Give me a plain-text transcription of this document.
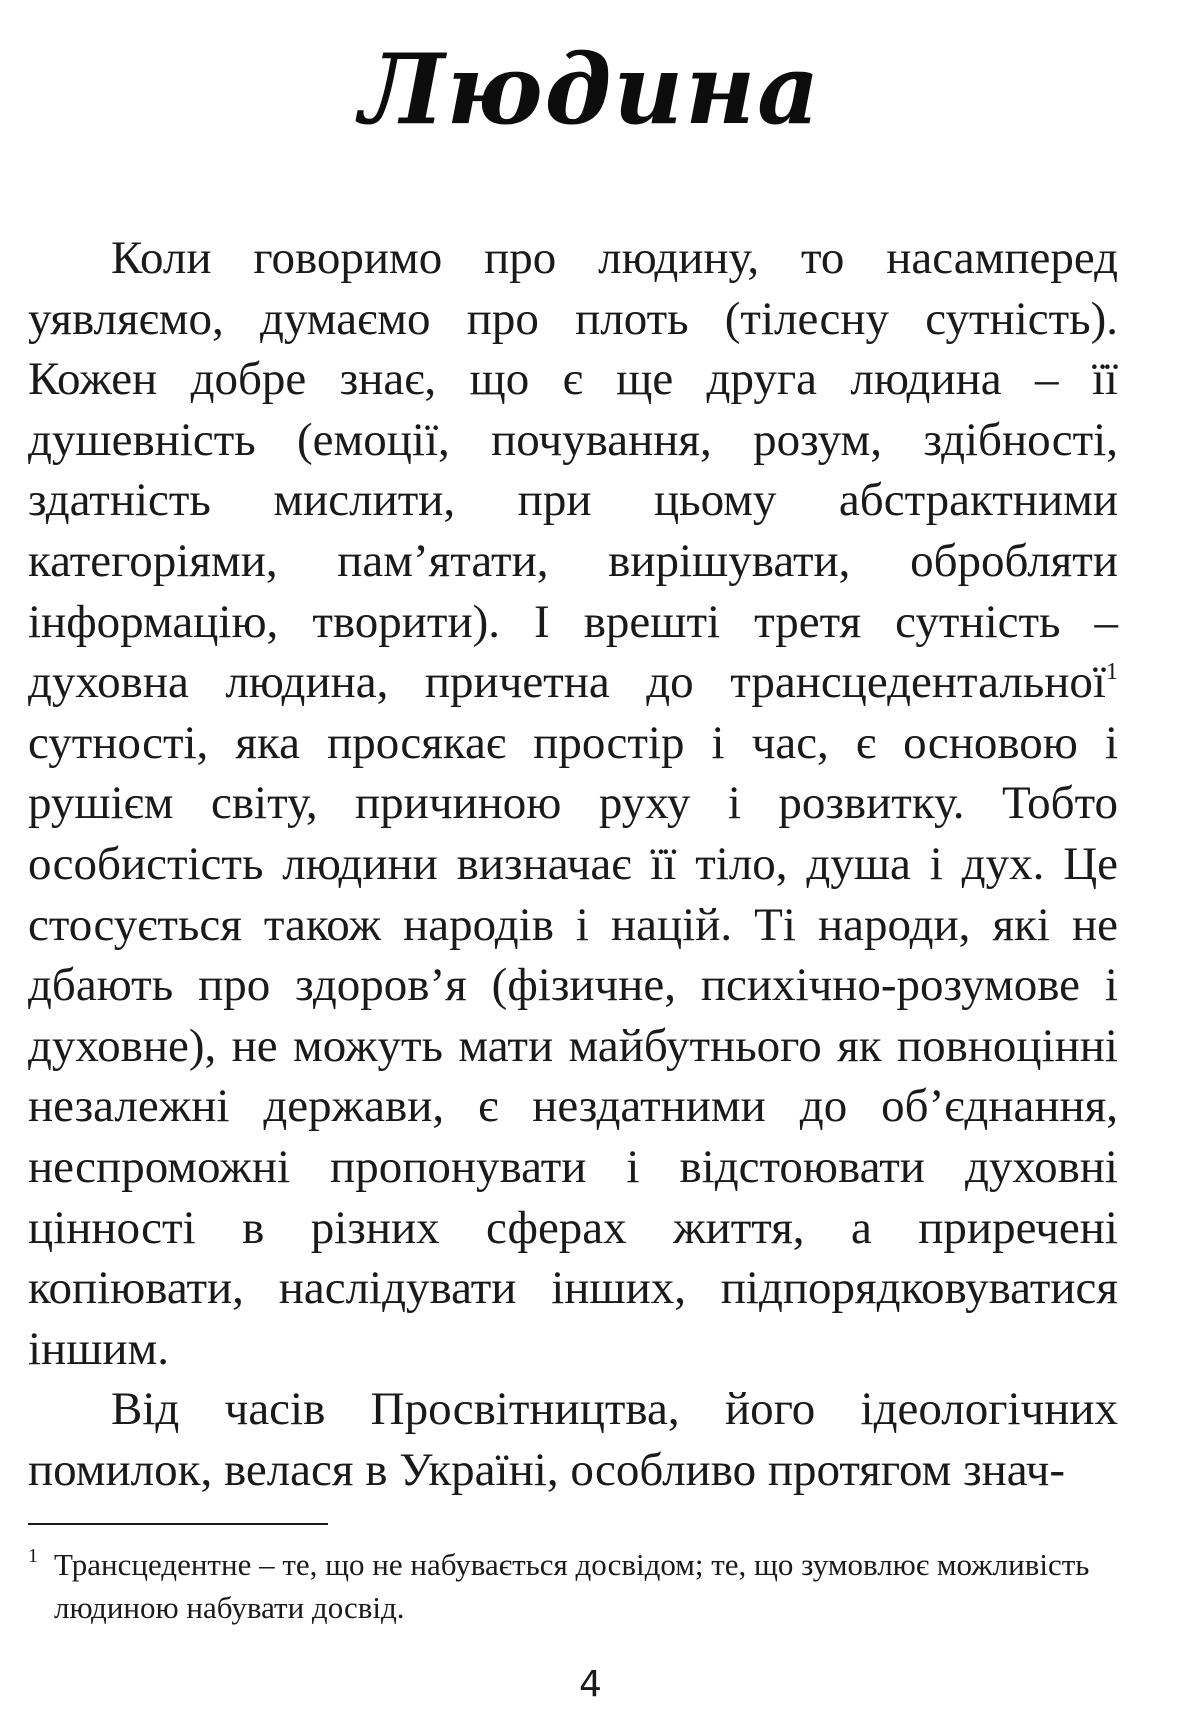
Людина

Коли говоримо про людину, то насамперед уявляємо, думаємо про плоть (тілесну сутність). Кожен добре знає, що є ще друга людина – її душевність (емоції, почування, розум, здібності, здатність мислити, при цьому абстрактними категоріями, пам’ятати, вирішувати, обробляти інформацію, творити). І врешті третя сутність – духовна людина, причетна до трансцедентальної$^1$ сутності, яка просякає простір і час, є основою і рушієм світу, причиною руху і розвитку. Тобто особистість людини визначає її тіло, душа і дух. Це стосується також народів і націй. Ті народи, які не дбають про здоров’я (фізичне, психічно-розумове і духовне), не можуть мати майбутнього як повноцінні незалежні держави, є нездатними до об’єднання, неспроможні пропонувати і відстоювати духовні цінності в різних сферах життя, а приречені копіювати, наслідувати інших, підпорядковуватися іншим.

Від часів Просвітництва, його ідеологічних помилок, велася в Україні, особливо протягом знач-

1 Трансцедентне – те, що не набувається досвідом; те, що зумовлює можливість людиною набувати досвід.
4
